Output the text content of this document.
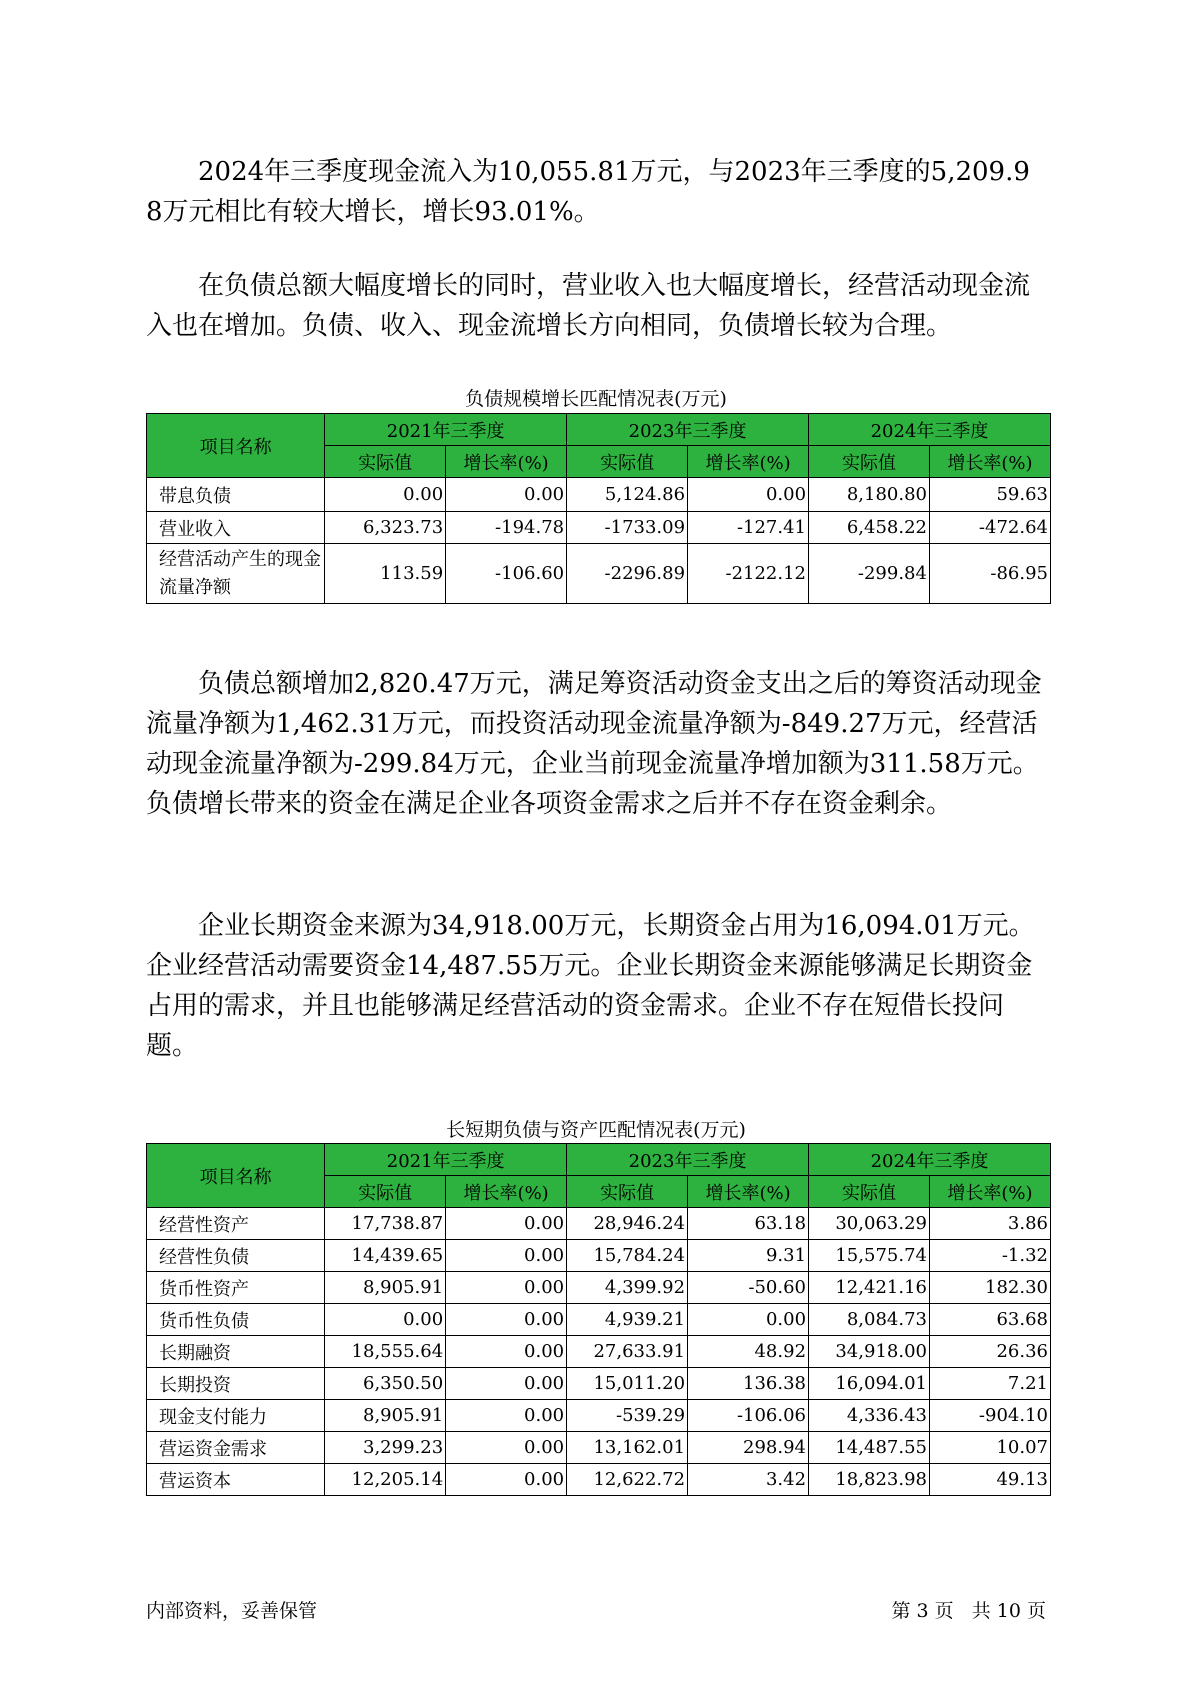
2024年三季度现金流入为10,055.81万元，与2023年三季度的5,209.98万元相比有较大增长，增长93.01%。

在负债总额大幅度增长的同时，营业收入也大幅度增长，经营活动现金流入也在增加。负债、收入、现金流增长方向相同，负债增长较为合理。

负债规模增长匹配情况表(万元)
项目名称	2021年三季度		2023年三季度		2024年三季度	
	实际值	增长率(%)	实际值	增长率(%)	实际值	增长率(%)
带息负债	0.00	0.00	5,124.86	0.00	8,180.80	59.63
营业收入	6,323.73	-194.78	-1733.09	-127.41	6,458.22	-472.64
经营活动产生的现金流量净额	113.59	-106.60	-2296.89	-2122.12	-299.84	-86.95

负债总额增加2,820.47万元，满足筹资活动资金支出之后的筹资活动现金流量净额为1,462.31万元，而投资活动现金流量净额为-849.27万元，经营活动现金流量净额为-299.84万元，企业当前现金流量净增加额为311.58万元。负债增长带来的资金在满足企业各项资金需求之后并不存在资金剩余。

企业长期资金来源为34,918.00万元，长期资金占用为16,094.01万元。企业经营活动需要资金14,487.55万元。企业长期资金来源能够满足长期资金占用的需求，并且也能够满足经营活动的资金需求。企业不存在短借长投问题。

长短期负债与资产匹配情况表(万元)
项目名称	2021年三季度		2023年三季度		2024年三季度	
	实际值	增长率(%)	实际值	增长率(%)	实际值	增长率(%)
经营性资产	17,738.87	0.00	28,946.24	63.18	30,063.29	3.86
经营性负债	14,439.65	0.00	15,784.24	9.31	15,575.74	-1.32
货币性资产	8,905.91	0.00	4,399.92	-50.60	12,421.16	182.30
货币性负债	0.00	0.00	4,939.21	0.00	8,084.73	63.68
长期融资	18,555.64	0.00	27,633.91	48.92	34,918.00	26.36
长期投资	6,350.50	0.00	15,011.20	136.38	16,094.01	7.21
现金支付能力	8,905.91	0.00	-539.29	-106.06	4,336.43	-904.10
营运资金需求	3,299.23	0.00	13,162.01	298.94	14,487.55	10.07
营运资本	12,205.14	0.00	12,622.72	3.42	18,823.98	49.13
内部资料，妥善保管	第 3 页   共 10 页
